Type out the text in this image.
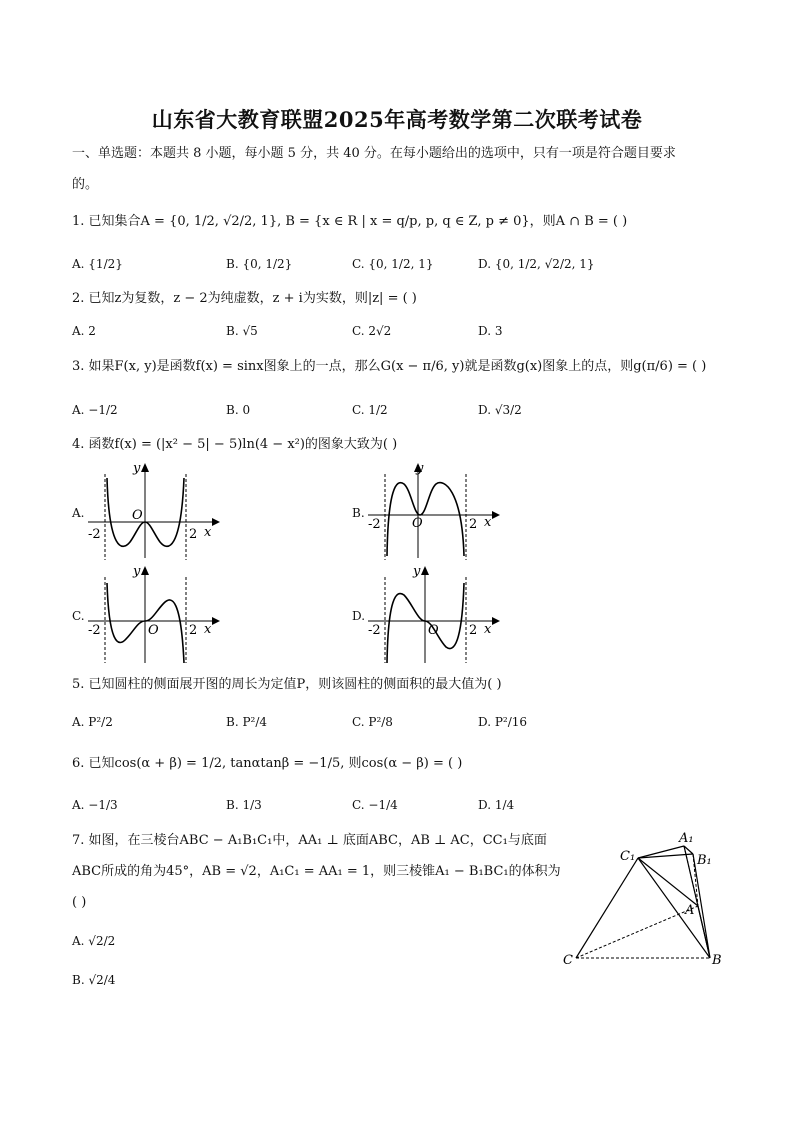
山东省大教育联盟2025年高考数学第二次联考试卷
一、单选题：本题共 8 小题，每小题 5 分，共 40 分。在每小题给出的选项中，只有一项是符合题目要求
的。
1. 已知集合A = {0, 1/2, √2/2, 1}, B = {x ∈ R | x = q/p, p, q ∈ Z, p ≠ 0}，则A ∩ B = ( )
A. {1/2}	B. {0, 1/2}	C. {0, 1/2, 1}	D. {0, 1/2, √2/2, 1}
2. 已知z为复数，z − 2为纯虚数，z + i为实数，则|z| = ( )
A. 2	B. √5	C. 2√2	D. 3
3. 如果F(x, y)是函数f(x) = sinx图象上的一点，那么G(x − π/6, y)就是函数g(x)图象上的点，则g(π/6) = ( )
A. −1/2	B. 0	C. 1/2	D. √3/2
4. 函数f(x) = (|x² − 5| − 5)ln(4 − x²)的图象大致为( )
A.	O
y
x
-2	2
B.
O
y
x
-2	2
C.
O
y
x
-2	2
D.
O
y
x
-2	2
5. 已知圆柱的侧面展开图的周长为定值P，则该圆柱的侧面积的最大值为( )
A. P²/2	B. P²/4	C. P²/8	D. P²/16
6. 已知cos(α + β) = 1/2, tanαtanβ = −1/5, 则cos(α − β) = ( )
A. −1/3	B. 1/3	C. −1/4	D. 1/4
7. 如图，在三棱台ABC − A₁B₁C₁中，AA₁ ⊥ 底面ABC，AB ⊥ AC，CC₁与底面
ABC所成的角为45°，AB = √2，A₁C₁ = AA₁ = 1，则三棱锥A₁ − B₁BC₁的体积为
( )
A. √2/2
B. √2/4
A₁
B₁
C₁
A
B
C
